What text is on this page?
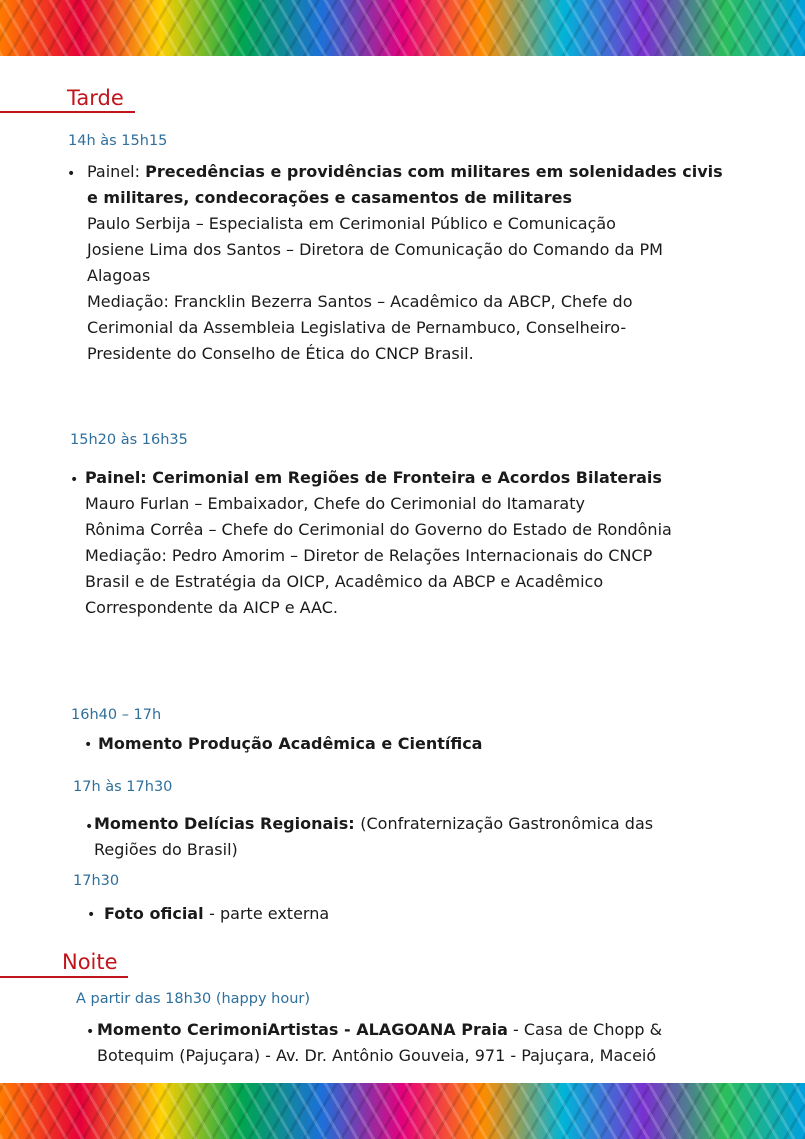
Tarde
14h às 15h15
• Painel: Precedências e providências com militares em solenidades civis
e militares, condecorações e casamentos de militares
Paulo Serbija – Especialista em Cerimonial Público e Comunicação
Josiene Lima dos Santos – Diretora de Comunicação do Comando da PM
Alagoas
Mediação: Francklin Bezerra Santos – Acadêmico da ABCP, Chefe do
Cerimonial da Assembleia Legislativa de Pernambuco, Conselheiro-
Presidente do Conselho de Ética do CNCP Brasil.
15h20 às 16h35
• Painel: Cerimonial em Regiões de Fronteira e Acordos Bilaterais
Mauro Furlan – Embaixador, Chefe do Cerimonial do Itamaraty
Rônima Corrêa – Chefe do Cerimonial do Governo do Estado de Rondônia
Mediação: Pedro Amorim – Diretor de Relações Internacionais do CNCP
Brasil e de Estratégia da OICP, Acadêmico da ABCP e Acadêmico
Correspondente da AICP e AAC.
16h40 – 17h
• Momento Produção Acadêmica e Científica
17h às 17h30
• Momento Delícias Regionais: (Confraternização Gastronômica das
Regiões do Brasil)
17h30
• Foto oficial - parte externa
Noite
A partir das 18h30 (happy hour)
• Momento CerimoniArtistas - ALAGOANA Praia - Casa de Chopp &
Botequim (Pajuçara) - Av. Dr. Antônio Gouveia, 971 - Pajuçara, Maceió
